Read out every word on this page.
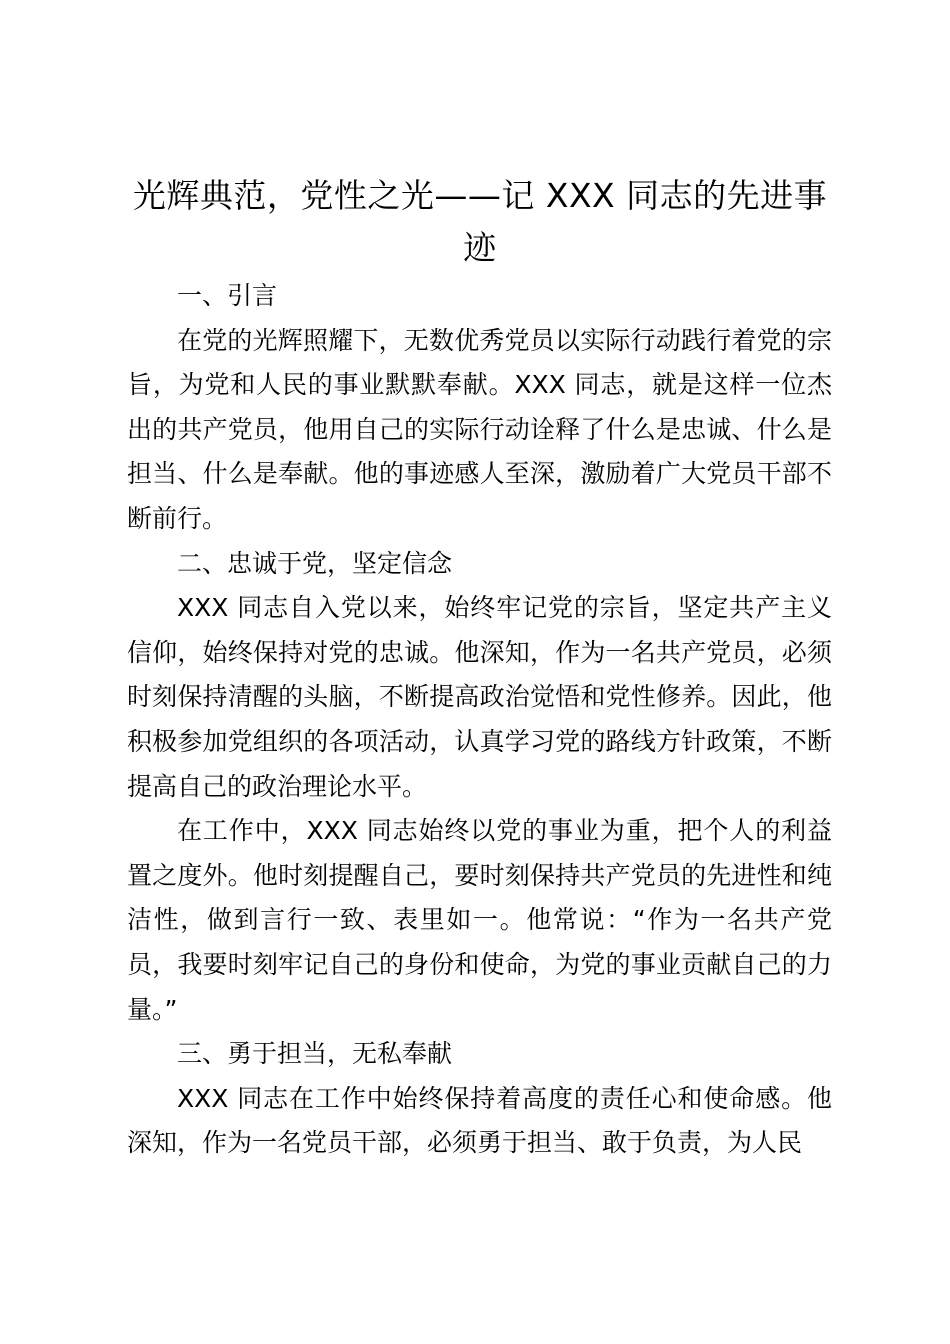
光辉典范，党性之光——记 XXX 同志的先进事迹

一、引言

在党的光辉照耀下，无数优秀党员以实际行动践行着党的宗旨，为党和人民的事业默默奉献。XXX 同志，就是这样一位杰出的共产党员，他用自己的实际行动诠释了什么是忠诚、什么是担当、什么是奉献。他的事迹感人至深，激励着广大党员干部不断前行。

二、忠诚于党，坚定信念

XXX 同志自入党以来，始终牢记党的宗旨，坚定共产主义信仰，始终保持对党的忠诚。他深知，作为一名共产党员，必须时刻保持清醒的头脑，不断提高政治觉悟和党性修养。因此，他积极参加党组织的各项活动，认真学习党的路线方针政策，不断提高自己的政治理论水平。

在工作中，XXX 同志始终以党的事业为重，把个人的利益置之度外。他时刻提醒自己，要时刻保持共产党员的先进性和纯洁性，做到言行一致、表里如一。他常说：“作为一名共产党员，我要时刻牢记自己的身份和使命，为党的事业贡献自己的力量。”

三、勇于担当，无私奉献

XXX 同志在工作中始终保持着高度的责任心和使命感。他深知，作为一名党员干部，必须勇于担当、敢于负责，为人民
